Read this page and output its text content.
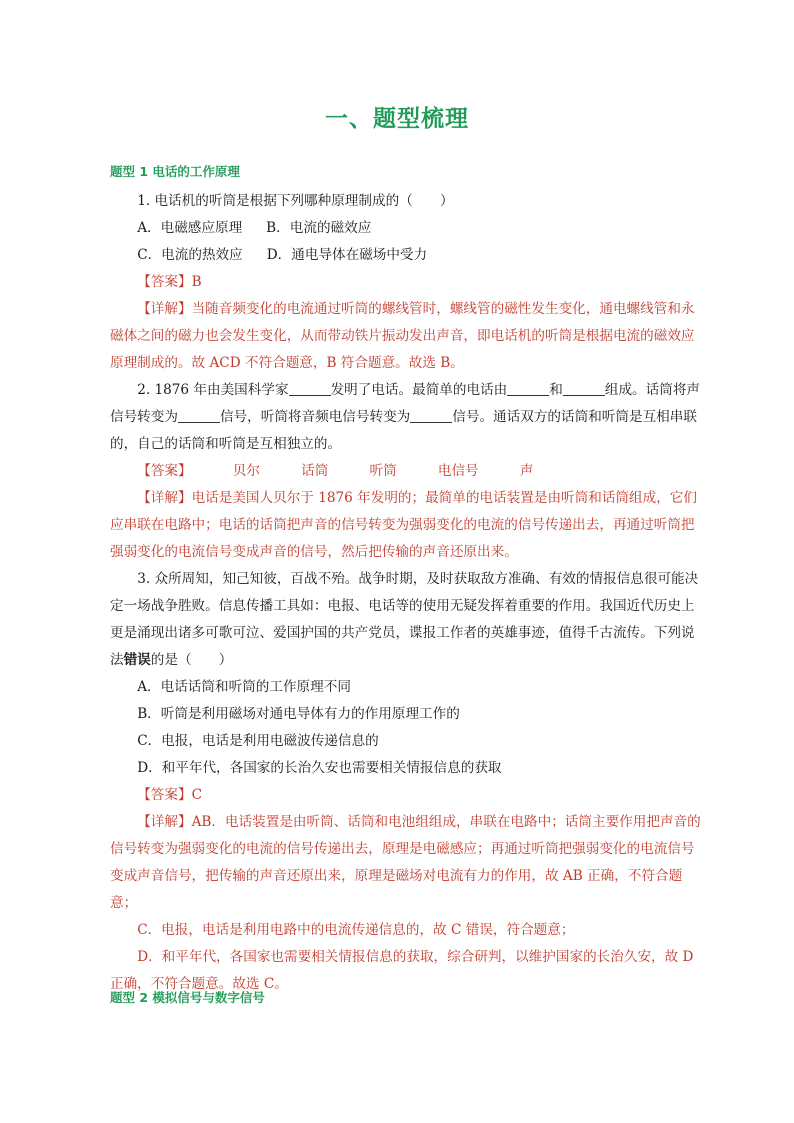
一、题型梳理
题型 1 电话的工作原理

1. 电话机的听筒是根据下列哪种原理制成的（　　）

A．电磁感应原理 B．电流的磁效应

C．电流的热效应 D．通电导体在磁场中受力

【答案】B

【详解】当随音频变化的电流通过听筒的螺线管时，螺线管的磁性发生变化，通电螺线管和永磁体之间的磁力也会发生变化，从而带动铁片振动发出声音，即电话机的听筒是根据电流的磁效应原理制成的。故 ACD 不符合题意，B 符合题意。故选 B。

2. 1876 年由美国科学家	发明了电话。最简单的电话由	和	组成。话筒将声信号转变为	信号，听筒将音频电信号转变为	信号。通话双方的话筒和听筒是互相串联的，自己的话筒和听筒是互相独立的。

【答案】	贝尔	话筒	听筒	电信号	声

【详解】电话是美国人贝尔于 1876 年发明的；最简单的电话装置是由听筒和话筒组成，它们应串联在电路中；电话的话筒把声音的信号转变为强弱变化的电流的信号传递出去，再通过听筒把强弱变化的电流信号变成声音的信号，然后把传输的声音还原出来。

3. 众所周知，知己知彼，百战不殆。战争时期，及时获取敌方准确、有效的情报信息很可能决定一场战争胜败。信息传播工具如：电报、电话等的使用无疑发挥着重要的作用。我国近代历史上更是涌现出诸多可歌可泣、爱国护国的共产党员，谍报工作者的英雄事迹，值得千古流传。下列说法错误的是（　　）

A．电话话筒和听筒的工作原理不同

B．听筒是利用磁场对通电导体有力的作用原理工作的

C．电报，电话是利用电磁波传递信息的

D．和平年代，各国家的长治久安也需要相关情报信息的获取

【答案】C

【详解】AB．电话装置是由听筒、话筒和电池组组成，串联在电路中；话筒主要作用把声音的信号转变为强弱变化的电流的信号传递出去，原理是电磁感应；再通过听筒把强弱变化的电流信号变成声音信号，把传输的声音还原出来，原理是磁场对电流有力的作用，故 AB 正确，不符合题意；

C．电报，电话是利用电路中的电流传递信息的，故 C 错误，符合题意；

D．和平年代，各国家也需要相关情报信息的获取，综合研判，以维护国家的长治久安，故 D 正确，不符合题意。故选 C。

题型 2 模拟信号与数字信号
